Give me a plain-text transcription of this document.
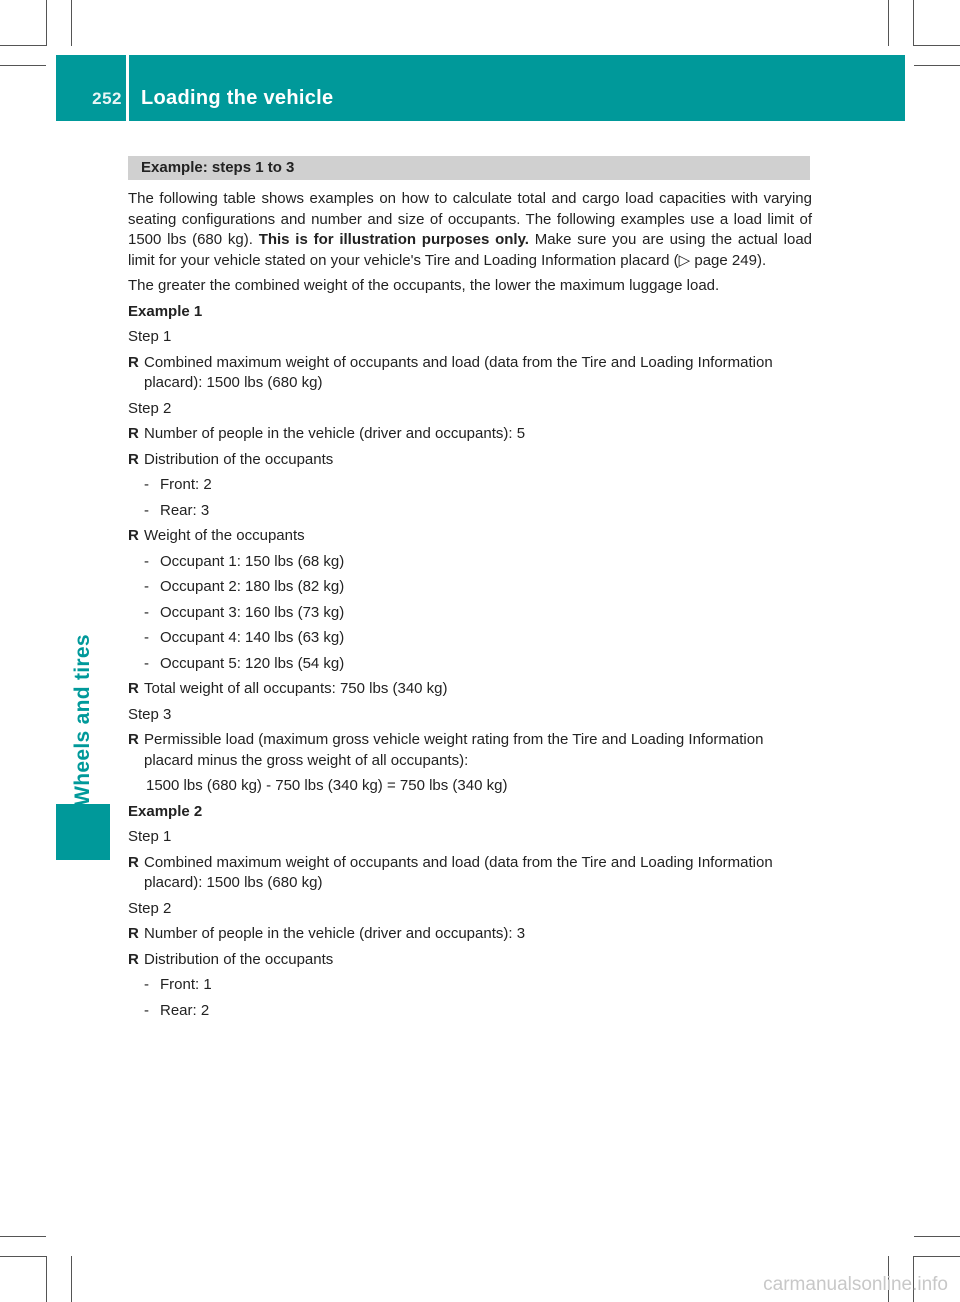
252 Loading the vehicle
Wheels and tires
Example: steps 1 to 3

The following table shows examples on how to calculate total and cargo load capacities with varying seating configurations and number and size of occupants. The following examples use a load limit of 1500 lbs (680 kg). This is for illustration purposes only. Make sure you are using the actual load limit for your vehicle stated on your vehicle's Tire and Loading Information placard (▷ page 249).

The greater the combined weight of the occupants, the lower the maximum luggage load.

Example 1
Step 1
R Combined maximum weight of occupants and load (data from the Tire and Loading Information placard): 1500 lbs (680 kg)
Step 2
R Number of people in the vehicle (driver and occupants): 5
R Distribution of the occupants
- Front: 2
- Rear: 3
R Weight of the occupants
- Occupant 1: 150 lbs (68 kg)
- Occupant 2: 180 lbs (82 kg)
- Occupant 3: 160 lbs (73 kg)
- Occupant 4: 140 lbs (63 kg)
- Occupant 5: 120 lbs (54 kg)
R Total weight of all occupants: 750 lbs (340 kg)
Step 3
R Permissible load (maximum gross vehicle weight rating from the Tire and Loading Information placard minus the gross weight of all occupants):
1500 lbs (680 kg) - 750 lbs (340 kg) = 750 lbs (340 kg)
Example 2
Step 1
R Combined maximum weight of occupants and load (data from the Tire and Loading Information placard): 1500 lbs (680 kg)
Step 2
R Number of people in the vehicle (driver and occupants): 3
R Distribution of the occupants
- Front: 1
- Rear: 2
carmanualsonline.info
